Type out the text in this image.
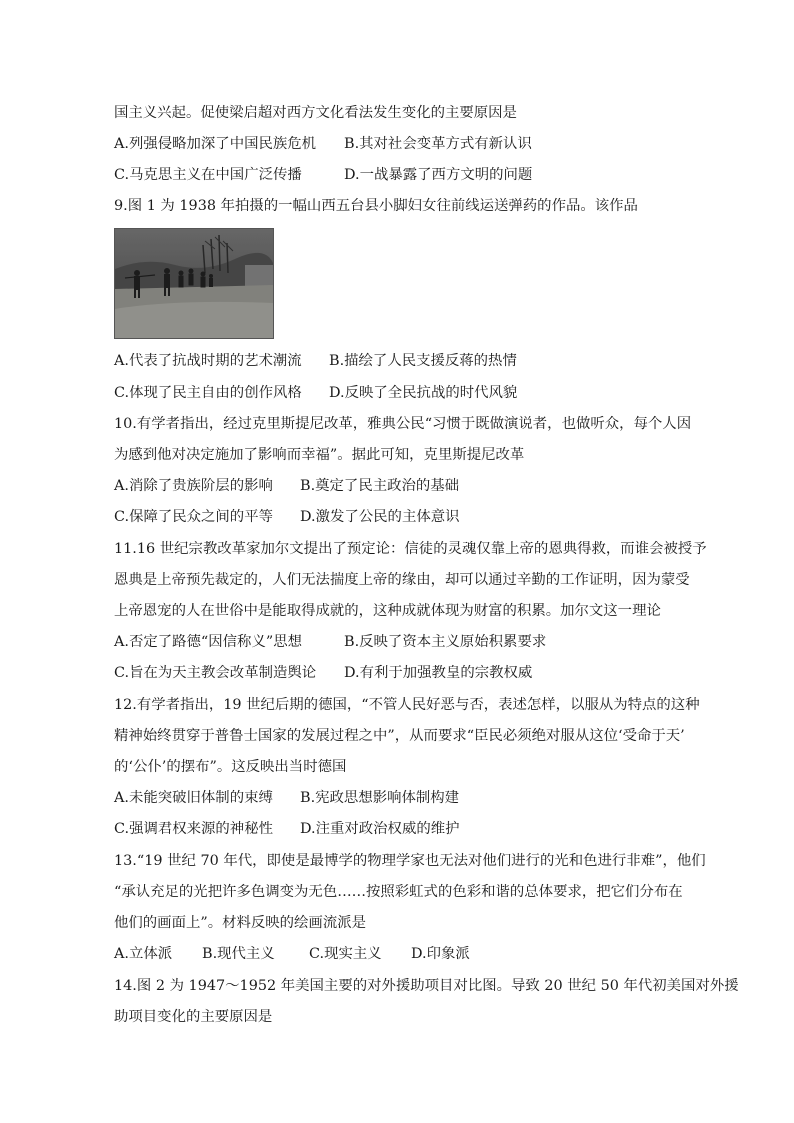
国主义兴起。促使梁启超对西方文化看法发生变化的主要原因是
A.列强侵略加深了中国民族危机 B.其对社会变革方式有新认识
C.马克思主义在中国广泛传播	D.一战暴露了西方文明的问题
9.图 1 为 1938 年拍摄的一幅山西五台县小脚妇女往前线运送弹药的作品。该作品
A.代表了抗战时期的艺术潮流 B.描绘了人民支援反蒋的热情
C.体现了民主自由的创作风格 D.反映了全民抗战的时代风貌
10.有学者指出，经过克里斯提尼改革，雅典公民“习惯于既做演说者，也做听众，每个人因
为感到他对决定施加了影响而幸福”。据此可知，克里斯提尼改革
A.消除了贵族阶层的影响 B.奠定了民主政治的基础
C.保障了民众之间的平等 D.激发了公民的主体意识
11.16 世纪宗教改革家加尔文提出了预定论：信徒的灵魂仅靠上帝的恩典得救，而谁会被授予
恩典是上帝预先裁定的，人们无法揣度上帝的缘由，却可以通过辛勤的工作证明，因为蒙受
上帝恩宠的人在世俗中是能取得成就的，这种成就体现为财富的积累。加尔文这一理论
A.否定了路德“因信称义”思想	B.反映了资本主义原始积累要求
C.旨在为天主教会改革制造舆论 D.有利于加强教皇的宗教权威
12.有学者指出，19 世纪后期的德国，“不管人民好恶与否，表述怎样，以服从为特点的这种
精神始终贯穿于普鲁士国家的发展过程之中”，从而要求“臣民必须绝对服从这位‘受命于天’
的‘公仆’的摆布”。这反映出当时德国
A.未能突破旧体制的束缚 B.宪政思想影响体制构建
C.强调君权来源的神秘性 D.注重对政治权威的维护
13.“19 世纪 70 年代，即使是最博学的物理学家也无法对他们进行的光和色进行非难”，他们
“承认充足的光把许多色调变为无色……按照彩虹式的色彩和谐的总体要求，把它们分布在
他们的画面上”。材料反映的绘画流派是
A.立体派 B.现代主义 C.现实主义 D.印象派
14.图 2 为 1947～1952 年美国主要的对外援助项目对比图。导致 20 世纪 50 年代初美国对外援
助项目变化的主要原因是
